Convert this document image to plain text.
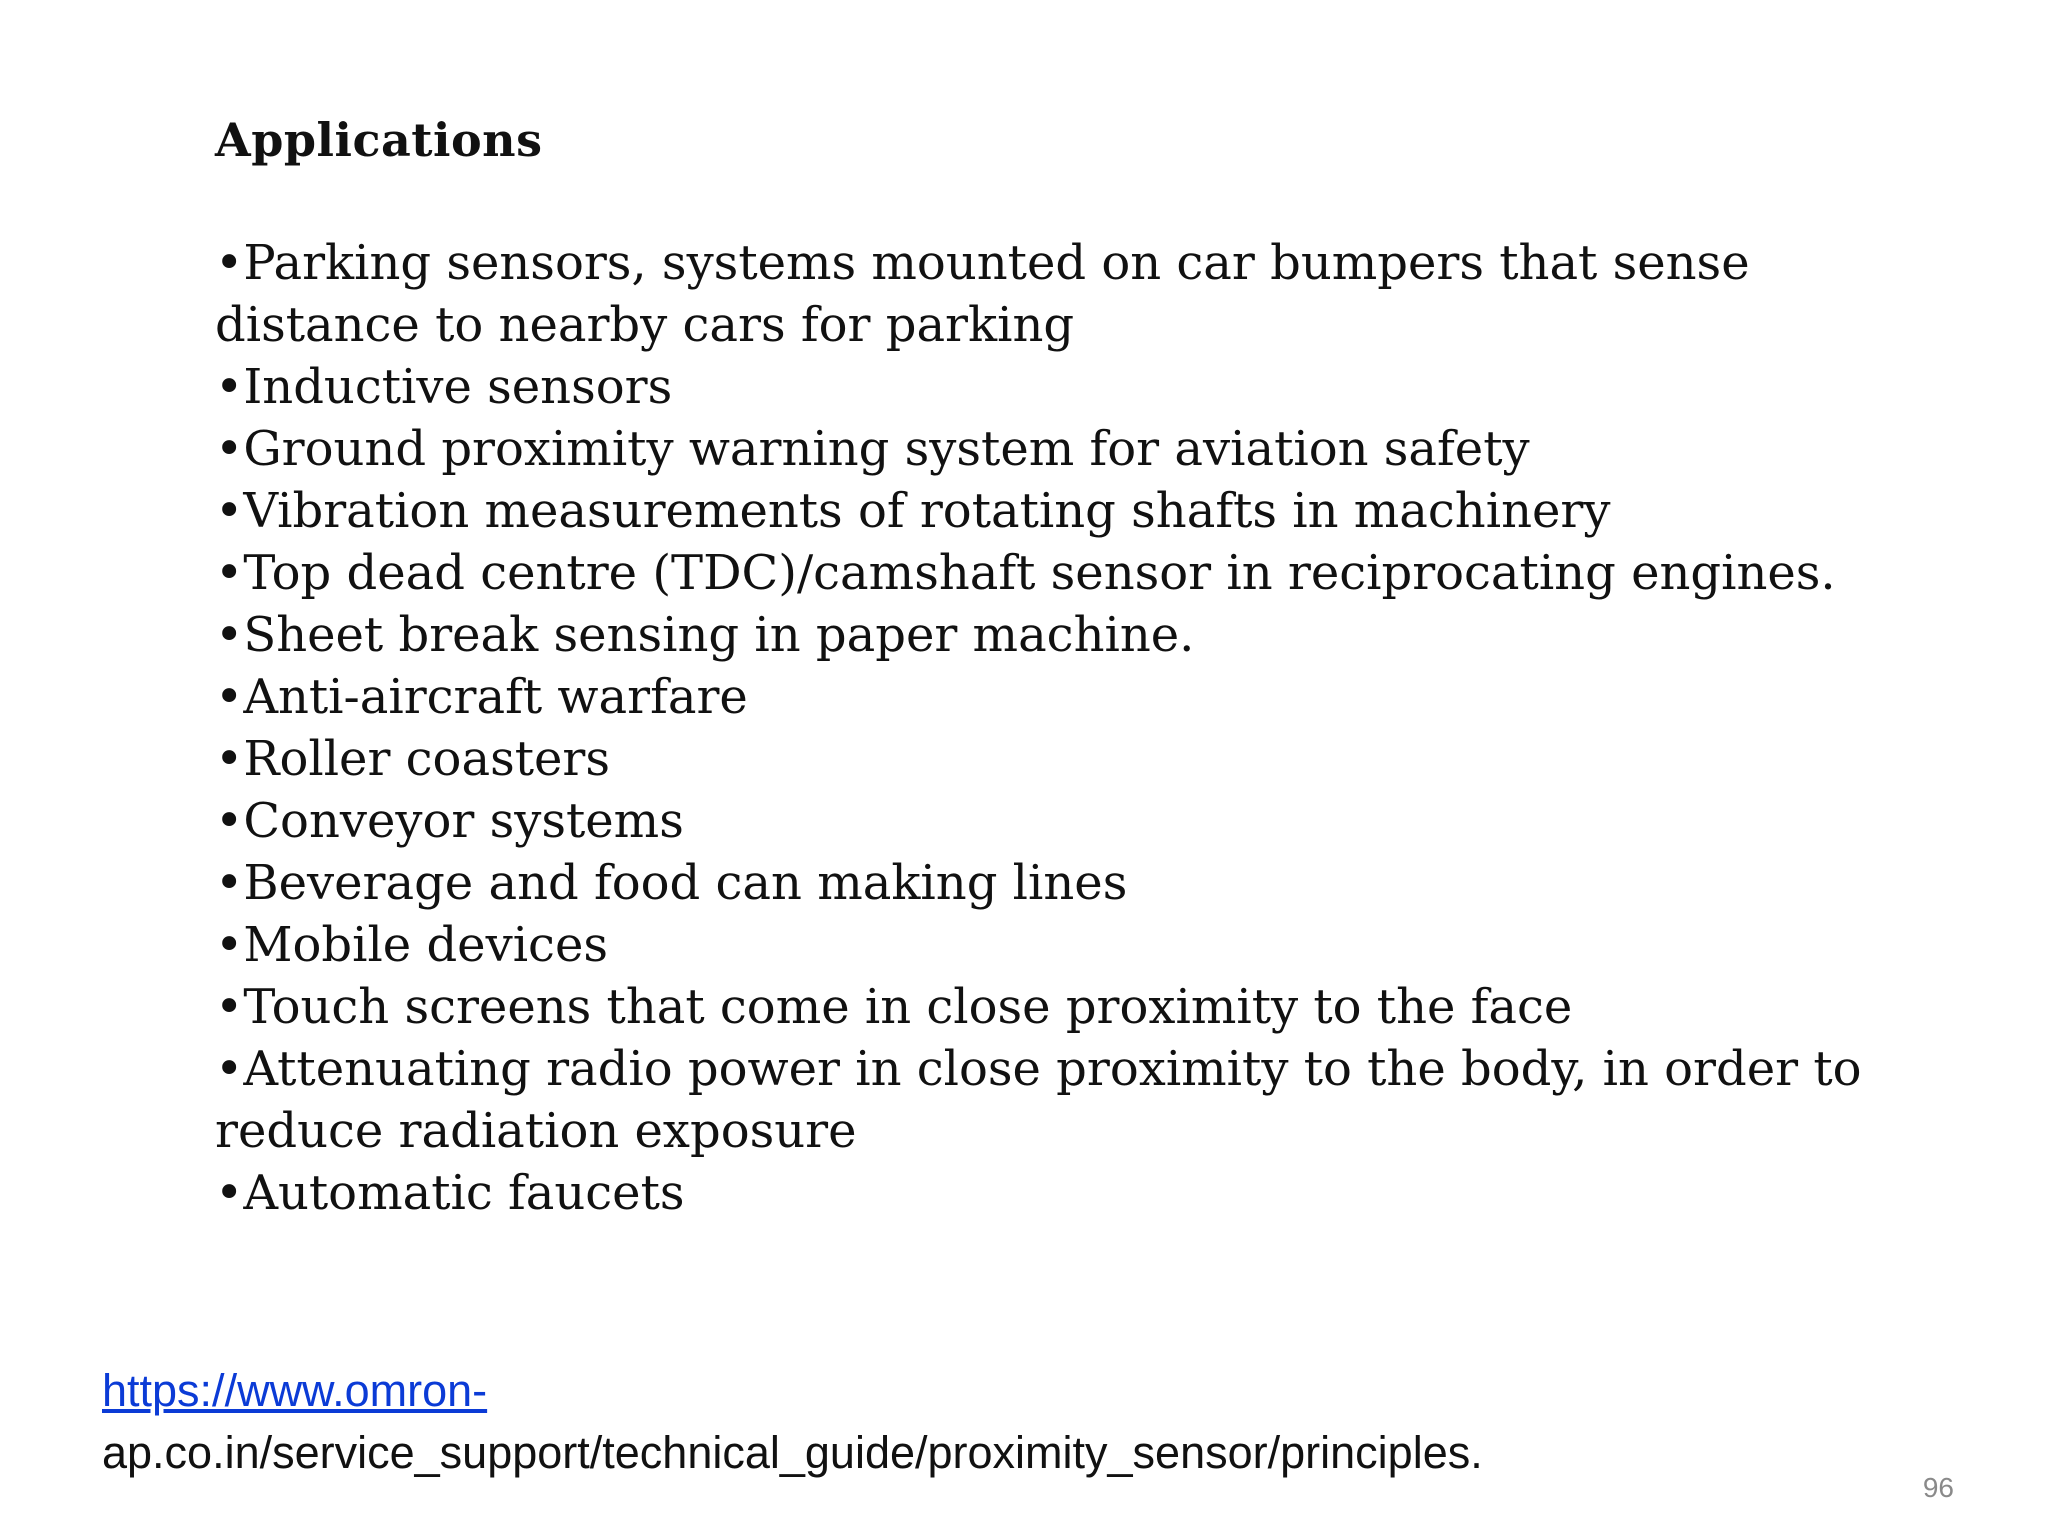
Applications
•Parking sensors, systems mounted on car bumpers that sense distance to nearby cars for parking
•Inductive sensors
•Ground proximity warning system for aviation safety
•Vibration measurements of rotating shafts in machinery
•Top dead centre (TDC)/camshaft sensor in reciprocating engines.
•Sheet break sensing in paper machine.
•Anti-aircraft warfare
•Roller coasters
•Conveyor systems
•Beverage and food can making lines
•Mobile devices
•Touch screens that come in close proximity to the face
•Attenuating radio power in close proximity to the body, in order to reduce radiation exposure
•Automatic faucets
https://www.omron-
ap.co.in/service_support/technical_guide/proximity_sensor/principles.
96
